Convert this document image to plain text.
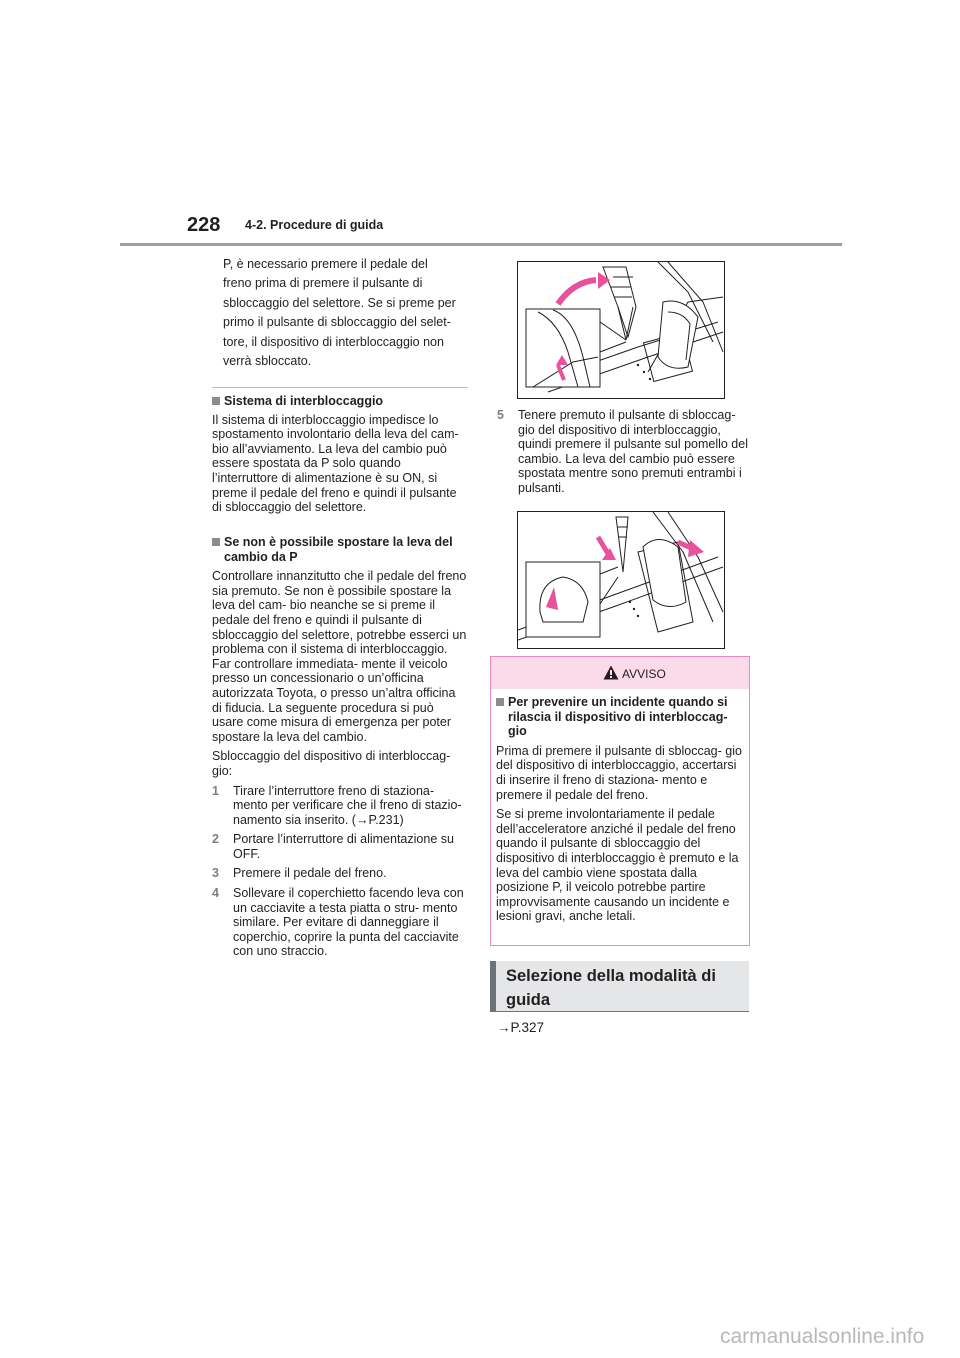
228 4-2. Procedure di guida
P, è necessario premere il pedale del
freno prima di premere il pulsante di
sbloccaggio del selettore. Se si preme per
primo il pulsante di sbloccaggio del selet-
tore, il dispositivo di interbloccaggio non
verrà sbloccato.
Sistema di interbloccaggio

Il sistema di interbloccaggio impedisce lo spostamento involontario della leva del cam- bio all’avviamento. La leva del cambio può essere spostata da P solo quando l’interruttore di alimentazione è su ON, si preme il pedale del freno e quindi il pulsante di sbloccaggio del selettore.

Se non è possibile spostare la leva del cambio da P

Controllare innanzitutto che il pedale del freno sia premuto. Se non è possibile spostare la leva del cam- bio neanche se si preme il pedale del freno e quindi il pulsante di sbloccaggio del selettore, potrebbe esserci un problema con il sistema di interbloccaggio. Far controllare immediata- mente il veicolo presso un concessionario o un’officina autorizzata Toyota, o presso un’altra officina di fiducia. La seguente procedura si può usare come misura di emergenza per poter spostare la leva del cambio.

Sbloccaggio del dispositivo di interbloccag- gio:

1 Tirare l’interruttore freno di staziona- mento per verificare che il freno di stazio- namento sia inserito. (→P.231)
2 Portare l’interruttore di alimentazione su OFF.
3 Premere il pedale del freno.
4 Sollevare il coperchietto facendo leva con un cacciavite a testa piatta o stru- mento similare. Per evitare di danneggiare il coperchio, coprire la punta del cacciavite con uno straccio.
5 Tenere premuto il pulsante di sbloccag- gio del dispositivo di interbloccaggio, quindi premere il pulsante sul pomello del cambio. La leva del cambio può essere spostata mentre sono premuti entrambi i pulsanti.
AVVISO
Per prevenire un incidente quando si rilascia il dispositivo di interbloccag- gio

Prima di premere il pulsante di sbloccag- gio del dispositivo di interbloccaggio, accertarsi di inserire il freno di staziona- mento e premere il pedale del freno.

Se si preme involontariamente il pedale dell’acceleratore anziché il pedale del freno quando il pulsante di sbloccaggio del dispositivo di interbloccaggio è premuto e la leva del cambio viene spostata dalla posizione P, il veicolo potrebbe partire improvvisamente causando un incidente e lesioni gravi, anche letali.

Selezione della modalità di
guida
→P.327
carmanualsonline.info
